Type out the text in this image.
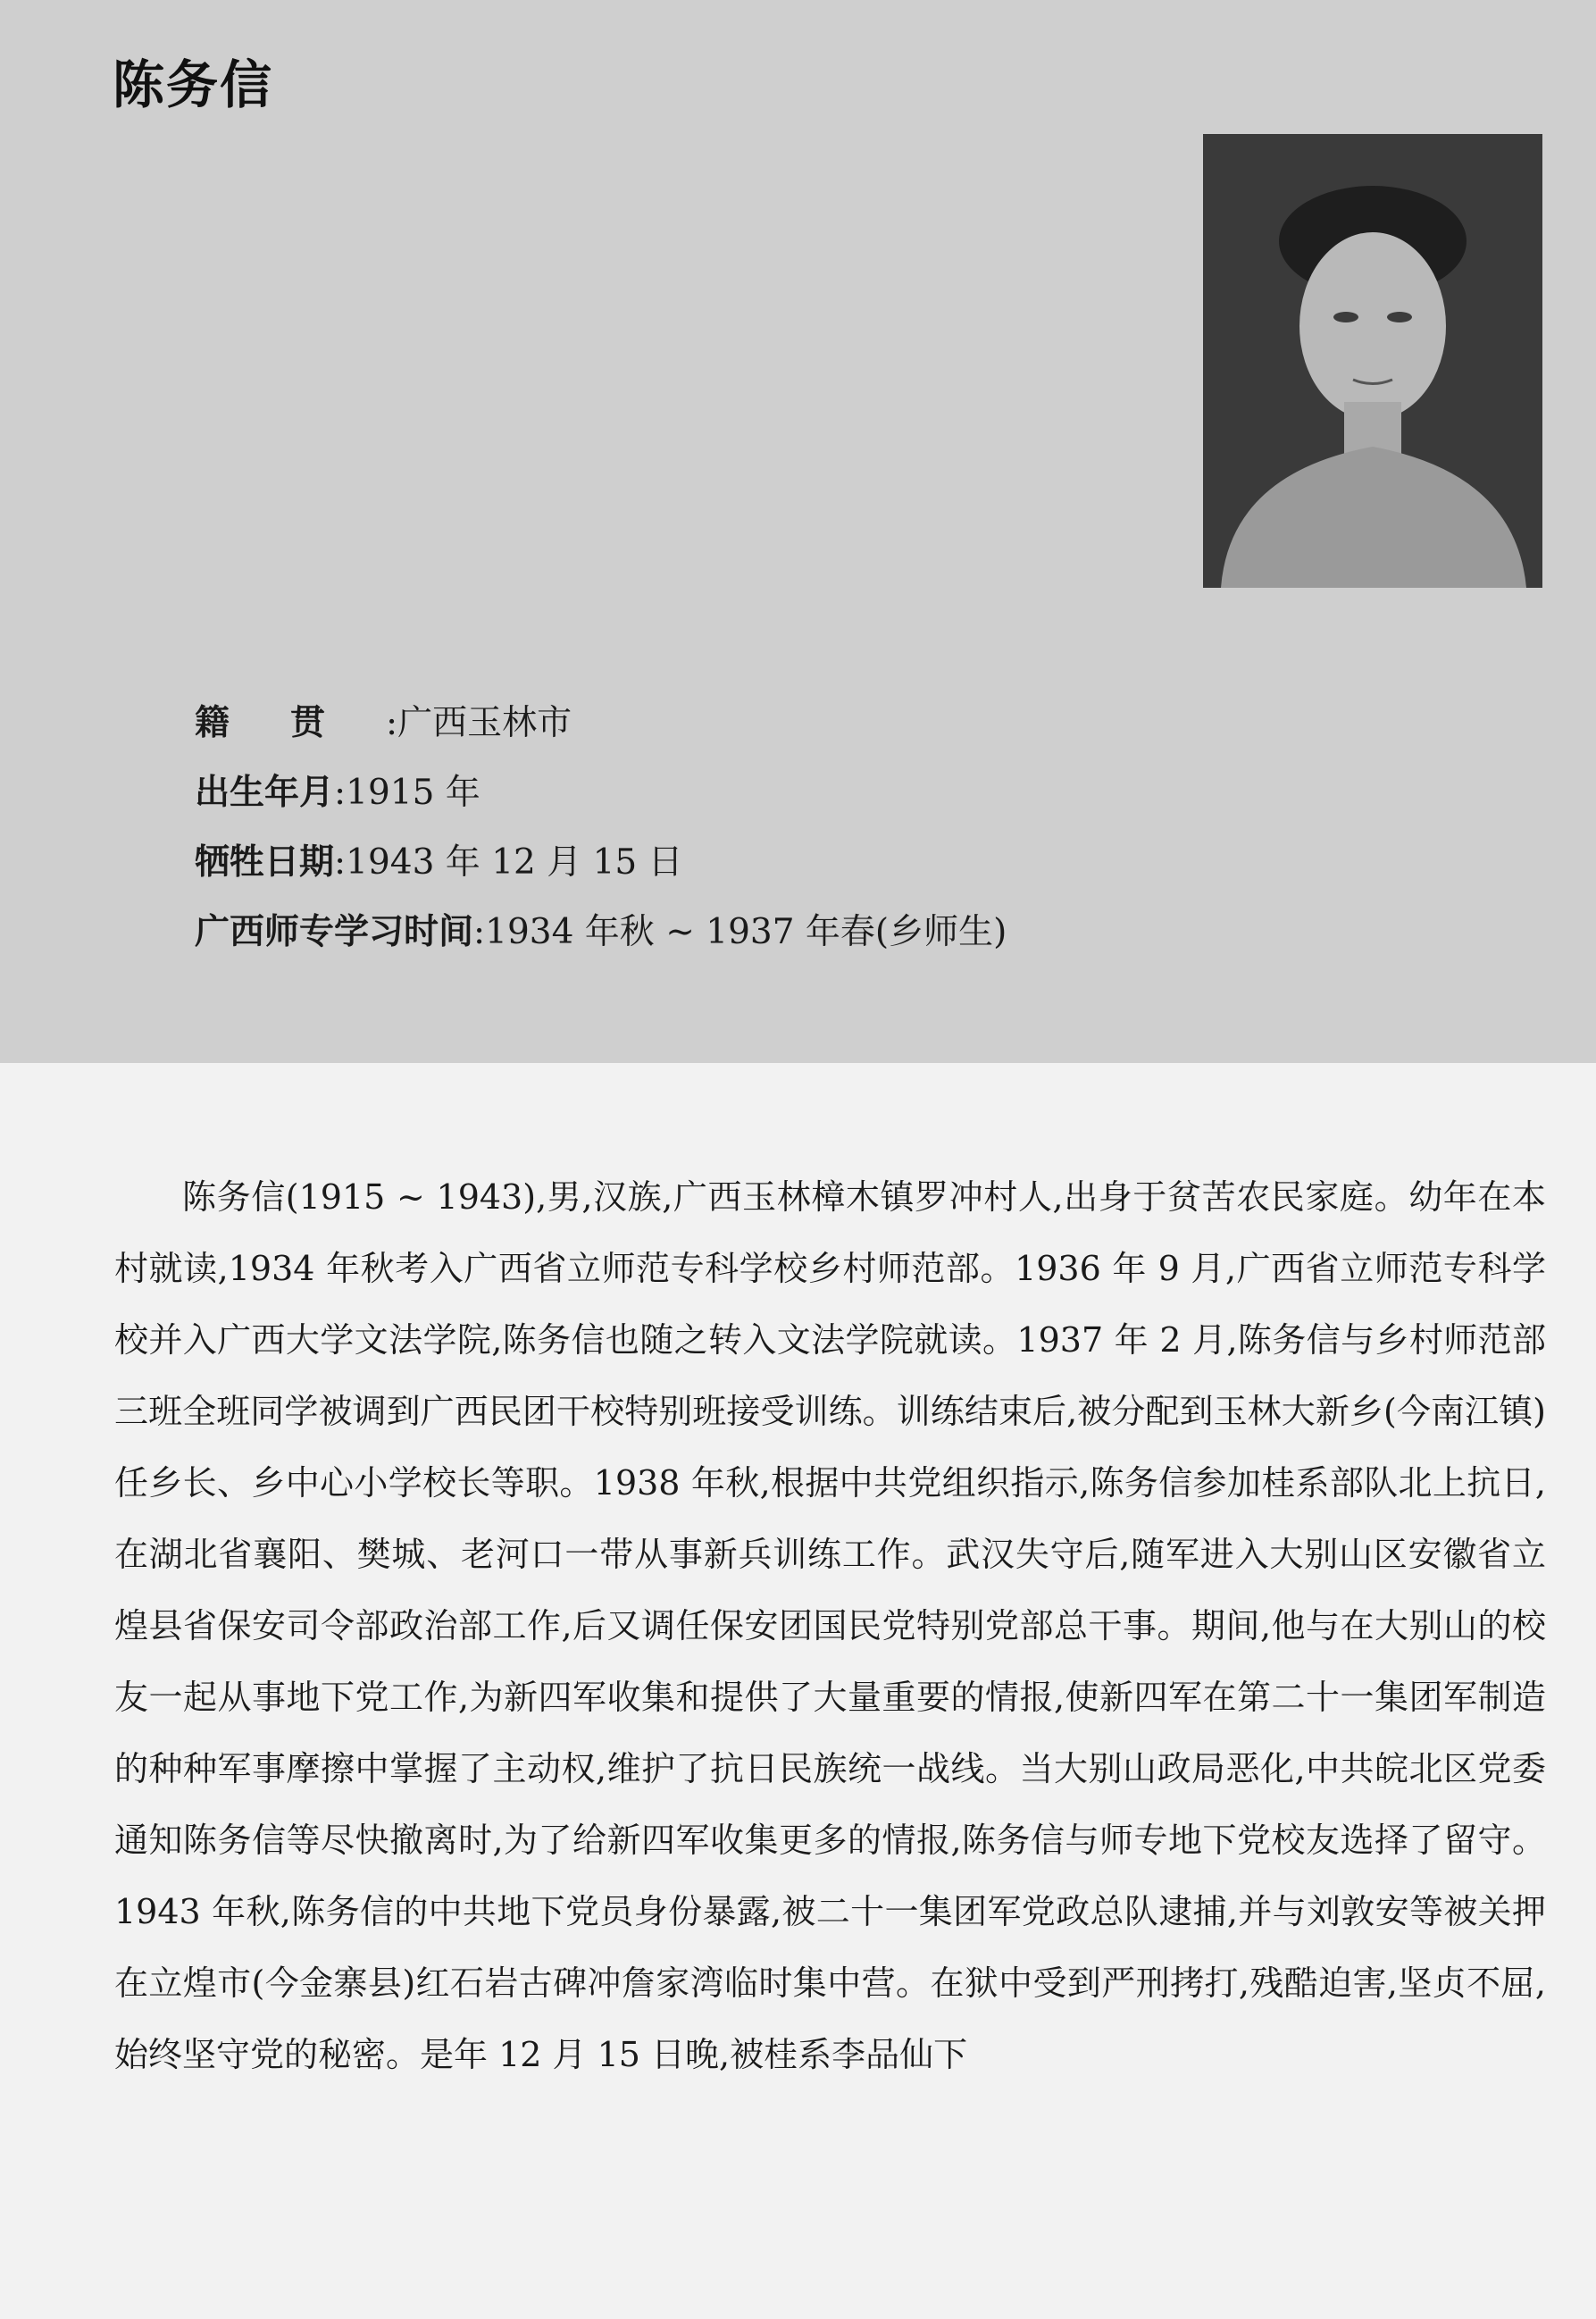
陈务信
籍贯:广西玉林市
出生年月:1915 年
牺牲日期:1943 年 12 月 15 日
广西师专学习时间:1934 年秋 ~ 1937 年春(乡师生)

陈务信(1915 ~ 1943),男,汉族,广西玉林樟木镇罗冲村人,出身于贫苦农民家庭。幼年在本村就读,1934 年秋考入广西省立师范专科学校乡村师范部。1936 年 9 月,广西省立师范专科学校并入广西大学文法学院,陈务信也随之转入文法学院就读。1937 年 2 月,陈务信与乡村师范部三班全班同学被调到广西民团干校特别班接受训练。训练结束后,被分配到玉林大新乡(今南江镇)任乡长、乡中心小学校长等职。1938 年秋,根据中共党组织指示,陈务信参加桂系部队北上抗日,在湖北省襄阳、樊城、老河口一带从事新兵训练工作。武汉失守后,随军进入大别山区安徽省立煌县省保安司令部政治部工作,后又调任保安团国民党特别党部总干事。期间,他与在大别山的校友一起从事地下党工作,为新四军收集和提供了大量重要的情报,使新四军在第二十一集团军制造的种种军事摩擦中掌握了主动权,维护了抗日民族统一战线。当大别山政局恶化,中共皖北区党委通知陈务信等尽快撤离时,为了给新四军收集更多的情报,陈务信与师专地下党校友选择了留守。1943 年秋,陈务信的中共地下党员身份暴露,被二十一集团军党政总队逮捕,并与刘敦安等被关押在立煌市(今金寨县)红石岩古碑冲詹家湾临时集中营。在狱中受到严刑拷打,残酷迫害,坚贞不屈,始终坚守党的秘密。是年 12 月 15 日晚,被桂系李品仙下
